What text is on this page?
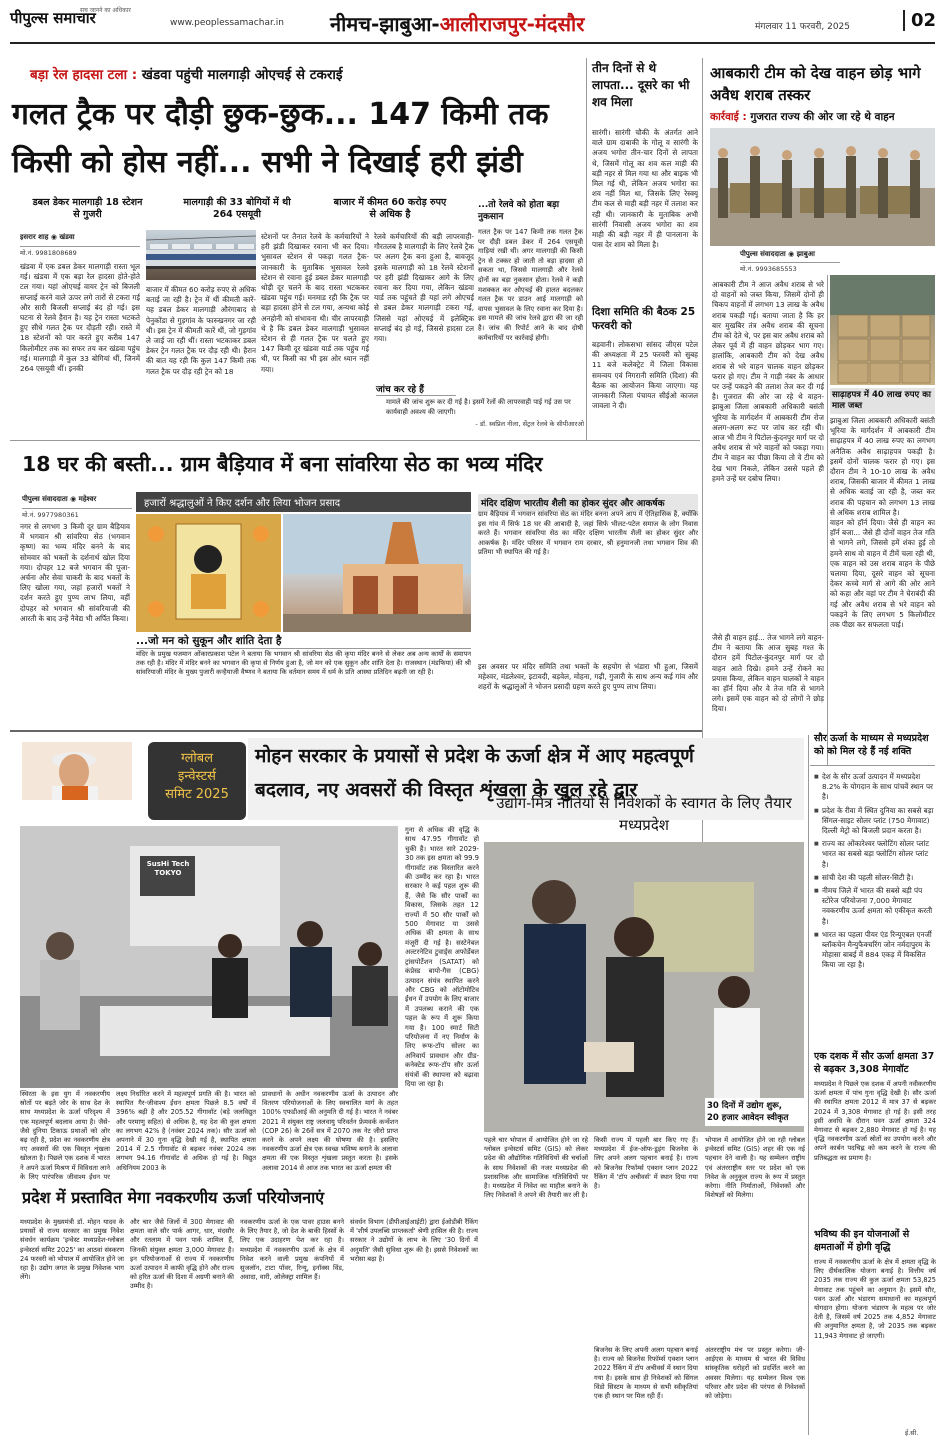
पीपुल्स समाचार
सच जानने का अधिकार
www.peoplessamachar.in नीमच-झाबुआ-आलीराजपुर-मंदसौर	मंगलवार 11 फरवरी, 2025	02
बड़ा रेल हादसा टला : खंडवा पहुंची मालगाड़ी ओएचई से टकराई
गलत ट्रैक पर दौड़ी छुक-छुक... 147 किमी तक
किसी को होस नहीं... सभी ने दिखाई हरी झंडी
डबल डेकर मालगाड़ी 18 स्टेशन से गुजरी
इसरार शाह ◉ खंडवा
मो.नं. 9981808689
मालगाड़ी की 33 बोगियों में थी 264 एसयूवी
बाजार में कीमत 60 करोड़ रुपए से अधिक है
...तो रेलवे को होता बड़ा नुकसान
खंडवा में एक डबल डेकर मालगाड़ी रास्ता भूल गई। खंडवा में एक बड़ा रेल हादसा होते-होते टल गया। यहां ओएचई वायर ट्रेन को बिजली सप्लाई करने वाले ऊपर लगे तारों से टकरा गई और सारी बिजली सप्लाई बंद हो गई। इस घटना से रेलवे हैरान है। यह ट्रेन रास्ता भटकते हुए सीधे गलत ट्रैक पर दौड़ती रही। रास्ते में 18 स्टेशनों को पार करते हुए करीब 147 किलोमीटर तक का सफर तय कर खंडवा पहुंच गई। मालगाड़ी में कुल 33 बोगियां थीं, जिनमें 264 एसयूवी थीं। इनकी
बाजार में कीमत 60 करोड़ रुपए से अधिक बताई जा रही है। ट्रेन में थीं कीमती कारें- यह डबल डेकर मालगाड़ी औरंगाबाद से पेनुकोंडा से गुड़गांव के फारुखनगर जा रही थी। इस ट्रेन में कीमती कारें थीं, जो गुड़गांव ले जाई जा रही थीं। रास्ता भटकाकर डबल डेकर ट्रेन गलत ट्रैक पर दौड़ रही थी। हैरान की बात यह रही कि कुल 147 किमी तक गलत ट्रैक पर दौड़ रही ट्रेन को 18
स्टेशनों पर तैनात रेलवे के कर्मचारियों ने हरी झंडी दिखाकर रवाना भी कर दिया। भुसावल स्टेशन से पकड़ा गलत ट्रैक-जानकारी के मुताबिक भुसावल रेलवे स्टेशन से रवाना हुई डबल डेकर मालगाड़ी थोड़ी दूर चलने के बाद रास्ता भटककर खंडवा पहुंच गई। मनमाड रही कि ट्रैक पर बड़ा हादसा होने से टल गया, अन्यथा कोई अनहोनी को संभावना थी। चीर लापरवाही थे है कि डबल डेकर मालगाड़ी भुसावल स्टेशन से ही गलत ट्रैक पर चलते हुए 147 किमी दूर खंडवा यार्ड तक पहुंच गई थी, पर किसी का भी इस ओर ध्यान नहीं गया।
रेलवे कर्मचारियों की बड़ी लापरवाही-गौरतलब है मालगाड़ी के लिए रेलवे ट्रैक पर अलग ट्रैक बना हुआ है, बावजूद इसके मालगाड़ी को 18 रेलवे स्टेशनों पर हरी झंडी दिखाकर आगे के लिए रवाना कर दिया गया, लेकिन खंडवा यार्ड तक पहुंचते ही यहां लगे ओएचई से डबल डेकर मालगाड़ी टकरा गई, जिससे यहां ओएचई में इलेक्ट्रिक सप्लाई बंद हो गई, जिससे हादसा टल गया।
गलत ट्रैक पर 147 किमी तक गलत ट्रैक पर दौड़ी डबल डेकर में 264 एसयूवी गाड़ियां रखी थीं। अगर मालगाड़ी की किसी ट्रेन से टक्कर हो जाती तो बड़ा हादसा हो सकता था, जिससे मालगाड़ी और रेलवे दोनों का बड़ा नुकसान होता। रेलवे ने कड़ी मशक्कत कर ओएचई की हालत बदलकर गलत ट्रैक पर डाउन आई मालगाड़ी को वापस भुसावल के लिए रवाना कर दिया है। इस मामले की जांच रेलवे द्वारा की जा रही है। जांच की रिपोर्ट आने के बाद दोषी कर्मचारियों पर कार्रवाई होगी।
जांच कर रहे हैं
मामले की जांच शुरू कर दी गई है। इसमें रेलों की लापरवाही पाई गई उस पर कार्यवाही अवश्य की जाएगी।
- डॉ. स्वप्निल नीला, सेंट्रल रेलवे के सीपीआरओ
तीन दिनों से थे लापता... दूसरे का भी शव मिला
सारंगी। सारंगी चौकी के अंतर्गत आने वाले ग्राम दाबाकी के गोलू व सारंगी के अजय भगोरा तीन-चार दिनों से लापता थे, जिसमें गोलू का शव कल माही की बड़ी नहर से मिल गया था और बाइक भी मिल गई थी, लेकिन अजय भगोरा का शव नहीं मिल था, जिसके लिए रेस्क्यू टीम कल से माही बड़ी नहर में तलाश कर रही थी। जानकारी के मुताबिक अभी सारंगी निवासी अजय भगोरा का शव माही की बड़ी नहर में ही पानलाना के पास देर शाम को मिला है।
दिशा समिति की बैठक 25 फरवरी को
बड़वानी। लोकसभा सांसद जीएस पटेल की अध्यक्षता में 25 फरवरी को सुबह 11 बजे कलेक्ट्रेट में जिला विकास समन्वय एवं निगरानी समिति (दिशा) की बैठक का आयोजन किया जाएगा। यह जानकारी जिला पंचायत सीईओ काजल जावला ने दी।
आबकारी टीम को देख वाहन छोड़ भागे अवैध शराब तस्कर
कार्रवाई : गुजरात राज्य की ओर जा रहे थे वाहन
पीपुल्स संवाददाता ◉ झाबुआ
मो.नं. 9993685553
आबकारी टीम ने आज अवैध शराब से भरे दो वाहनों को जब्त किया, जिसमें दोनों ही चिकप वाहनों में लगभग 13 लाख के अवैध शराब पकड़ी गई। बताया जाता है कि हर बार मुखबिर तंत्र अवैध शराब की सूचना टीम को देते थे, पर इस बार अवैध शराब को लेकर पूर्व में ही वाहन छोड़कर भाग गए। हालांकि, आबकारी टीम को देख अवैध शराब से भरे वाहन चालक वाहन छोड़कर फरार हो गए। टीम ने गाड़ी नंबर के आधार पर उन्हें पकड़ने की तलाश तेज कर दी गई है। गुजरात की ओर जा रहे थे वाहन-झाबुआ जिला आबकारी अधिकारी बसंती भूरिया के मार्गदर्शन में आबकारी टीम रोज अलग-अलग रूट पर जांच कर रही थी। आज भी टीम ने पिटोल-कुंदनपुर मार्ग पर दो अवैध शराब से भरे वाहनों को पकड़ा गया। टीम ने वाहन का पीछा किया तो वे टीम को देख भाग निकले, लेकिन उससे पहले ही हमने उन्हें घर दबोच लिया।
जैसे ही वाहन हाई... तेज भागने लगे वाहन-टीम ने बताया कि आज सुबह गश्त के दौरान हमें पिटोल-कुंदनपुर मार्ग पर दो वाहन आते दिखे। हमने उन्हें रोकने का प्रयास किया, लेकिन वाहन चालकों ने वाहन का हॉर्न दिया और वे तेज गति से भागने लगे। इसमें एक वाहन को दो लोगों ने छोड़ दिया।
साढ़ाहपत्र में 40 लाख रुपए का माल जब्त
झाबुआ जिला आबकारी अधिकारी बसंती भूरिया के मार्गदर्शन में आबकारी टीम साढ़ाहपत्र में 40 लाख रुपए का लगभग अनैतिक अवैध साढ़ाहपत्र पकड़ी है। इसमें दोनों चालक फरार हो गए। इस दौरान टीम ने 10-10 लाख के अवैध शराब, जिसकी बाजार में कीमत 1 लाख से अधिक बताई जा रही है, जब्त कर शराब की पहचान को लगभग 13 लाख से अधिक शराब शामिल है।
वाहन को हॉर्न दिया। जैसे ही वाहन का हॉर्न बजा... जैसे ही दोनों वाहन तेज गति से भागने लगे, जिससे हमें शंका हुई तो हमने साथ वो वाहन में टीमें चला रही थी, एक वाहन को उस शराब वाहन के पीछे चलाया दिया, दूसरे वाहन को सूचना देकर कच्चे मार्ग से आगे की ओर आने को कहा और वहां पर टीम ने घेराबंदी की गई और अवैध शराब से भरे वाहन को पकड़ने के लिए लगभग 5 किलोमीटर तक पीछा कर सफलता पाई।
18 घर की बस्ती... ग्राम बैड़ियाव में बना सांवरिया सेठ का भव्य मंदिर
पीपुल्स संवाददाता ◉ महेश्वर
मो.नं. 9977980361
नगर से लगभग 3 किमी दूर ग्राम बैड़ियाव में भगवान श्री सांवरिया सेठ (भगवान कृष्ण) का भव्य मंदिर बनने के बाद सोमवार को भक्तों के दर्शनार्थ खोल दिया गया। दोपहर 12 बजे भगवान की पूजा-अर्चना और सेवा चाकरी के बाद भक्तों के लिए खोला गया, जहां हजारों भक्तों ने दर्शन करते हुए पुण्य लाभ लिया, वहीं दोपहर को भगवान श्री सांवरियाजी की आरती के बाद उन्हें नैवेद्य भी अर्पित किया।
हजारों श्रद्धालुओं ने किए दर्शन और लिया भोजन प्रसाद
...जो मन को सुकून और शांति देता है
मंदिर के प्रमुख यजमान ओंकारप्रकाश पटेल ने बताया कि भगवान श्री सांवरिया सेठ की कृपा मंदिर बनने से लेकर अब अन्य कार्यों के समापन तक रही है। मंदिर में मंदिर बनने का भगवान की कृपा से निर्णय हुआ है, जो मन को एक सुकून और शांति देता है। राजस्थान (मंडफिया) की श्री सांवरियाजी मंदिर के मुख्य पुजारी कन्हैयाजी वैष्णव ने बताया कि वर्तमान समय में धर्म के प्रति आस्था प्रतिदिन बढ़ती जा रही है।
मंदिर दक्षिण भारतीय शैली का होकर सुंदर और आकर्षक
ग्राम बैड़ियाव में भगवान सांवरिया सेठ का मंदिर बनना अपने आप में ऐतिहासिक है, क्योंकि इस गांव में सिर्फ 18 घर की आबादी है, जहां सिर्फ भीलट-पटेल समाज के लोग निवास करते हैं। भगवान सांवरिया सेठ का मंदिर दक्षिण भारतीय शैली का होकर सुंदर और आकर्षक है। मंदिर परिसर में भगवान राम दरबार, श्री हनुमानजी तथा भगवान शिव की प्रतिमा भी स्थापित की गई है।
इस अवसर पर मंदिर समिति तथा भक्तों के सहयोग से भंडारा भी हुआ, जिसमें महेश्वर, मंडलेश्वर, इटावदी, बड़वेल, मोहना, गढ़ी, गुजारी के साथ अन्य कई गांव और शहरों के श्रद्धालुओं ने भोजन प्रसादी ग्रहण करते हुए पुण्य लाभ लिया।
ग्लोबल
इन्वेस्टर्स
समिट 2025
मोहन सरकार के प्रयासों से प्रदेश के ऊर्जा क्षेत्र में आए महत्वपूर्ण
बदलाव, नए अवसरों की विस्तृत शृंखला के खुल रहे द्वार
SusHi Tech TOKYO
गुना से अधिक की वृद्धि के साथ 47.95 गीगावॉट हो चुकी है। भारत सारे 2029-30 तक इस क्षमता को 99.9 गीगावॉट तक विस्तारित करने की उम्मीद कर रहा है। भारत सरकार ने कई पहल शुरू की हैं, जैसे कि सौर पार्कों का विकास, जिसके तहत 12 राज्यों में 50 सौर पार्कों को 500 मेगावाट या उससे अधिक की क्षमता के साथ मंजूरी दी गई है। सस्टेनेबल अल्टरनेटिव टुवार्ड्स अफोर्डेबल ट्रांसपोर्टेशन (SATAT) को कंप्रेस्ड बायो-गैस (CBG) उत्पादन संयंत्र स्थापित करने और CBG को ऑटोमोटिव ईंधन में उपयोग के लिए बाजार में उपलब्ध कराने की एक पहल के रूप में शुरू किया गया है। 100 स्मार्ट सिटी परियोजना में नए निर्माण के लिए रूफ-टॉप सोलर का अनिवार्य प्रावधान और ग्रीड-कनेक्टेड रूफ-टॉप सौर ऊर्जा संयंत्रों की स्थापना को बढ़ावा दिया जा रहा है।
उद्योग-मित्र नीतियों से निवेशकों के स्वागत के लिए तैयार मध्यप्रदेश
30 दिनों में उद्योग शुरू,
20 हजार आवेदन स्वीकृत
स्थिरता के इस युग में नवकरणीय स्रोतों पर बढ़ते जोर के साथ देश के साथ मध्यप्रदेश के ऊर्जा परिदृश्य में एक महत्वपूर्ण बदलाव आया है। जैसे-जैसे दुनिया टिकाऊ प्रथाओं को ओर बढ़ रही है, प्रदेश का नवकरणीय क्षेत्र नए अवसरों की एक विस्तृत शृंखला खोलता है। पिछले एक दशक में भारत ने अपने ऊर्जा मिश्रण में विविधता लाने के लिए पारंपरिक जीवाश्म ईंधन पर
लक्ष्य निर्धारित करने में महत्वपूर्ण प्रगति की है। भारत को स्थापित गैर-जीवाश्म ईंधन क्षमता पिछले 8.5 वर्षों में 396% बढ़ी है और 205.52 गीगावॉट (बड़े जलविद्युत और परमाणु सहित) से अधिक है, यह देश की कुल क्षमता का लगभग 42% है (नवंबर 2024 तक)। सौर ऊर्जा को अपनाने में 30 गुना वृद्धि देखी गई है, स्थापित क्षमता 2014 में 2.5 गीगावॉट से बढ़कर नवंबर 2024 तक लगभग 94.16 गीगावॉट से अधिक हो गई है। विद्युत अधिनियम 2003 के
प्रावधानों के अधीन नवकरणीय ऊर्जा के उत्पादन और वितरण परियोजनाओं के लिए स्वचालित मार्ग के तहत 100% एफडीआई की अनुमति दी गई है। भारत ने नवंबर 2021 में संयुक्त राष्ट्र जलवायु परिवर्तन फ्रेमवर्क कन्वेंशन (COP 26) के 26वें सत्र में 2070 तक नेट जीरो प्राप्त करने के अपने लक्ष्य की घोषणा की है। इसलिए नवकरणीय ऊर्जा क्षेत्र एक स्वच्छ भविष्य बनाने के अलावा क्षमता की एक विस्तृत शृंखला प्रस्तुत करता है। इसके अलावा 2014 से आज तक भारत का ऊर्जा क्षमता की
पहले चार भोपाल में आयोजित होने जा रहे ग्लोबल इन्वेस्टर्स समिट (GIS) को लेकर प्रदेश की औद्योगिक गतिविधियों की चर्चाओं के साथ निवेशकों की नजर मध्यप्रदेश की प्रशासनिक और सामाजिक गतिविधियों पर है। मध्यप्रदेश में निवेश का माहौल बनाने के लिए निवेशकों ने अपने की तैयारी कर ली है।
किसी राज्य में पहली बार किए गए हैं। मध्यप्रदेश में ईज-ऑफ-डूइंग बिजनेस के लिए अपने अलग पहचान बनाई है। राज्य को बिजनेस रिफॉर्म्स एक्शन प्लान 2022 रैंकिंग में 'टॉप अचीवर्स' में स्थान दिया गया है।
भोपाल में आयोजित होने जा रही ग्लोबल इन्वेस्टर्स समिट (GIS) शहर की एक नई पहचान देने वाली है। यह सम्मेलन राष्ट्रीय एवं अंतरराष्ट्रीय स्तर पर प्रदेश को एक निवेश के अनुकूल राज्य के रूप में प्रस्तुत करेगा। नीति निर्माताओं, निवेशकों और विशेषज्ञों को मिलेगा।
प्रदेश में प्रस्तावित मेगा नवकरणीय ऊर्जा परियोजनाएं
मध्यप्रदेश के मुख्यमंत्री डॉ. मोहन यादव के प्रयासों से राज्य सरकार का प्रमुख निवेश संवर्धन कार्यक्रम 'इन्वेस्ट मध्यप्रदेश-ग्लोबल इन्वेस्टर्स समिट 2025' का आठवां संस्करण 24 फरवरी को भोपाल में आयोजित होने जा रहा है। उद्योग जगत के प्रमुख निवेशक भाग लेंगे।
और चार जैसे जिलों में 300 मेगावाट की क्षमता वाले सौर पार्क आगर, धार, मंदसौर और रतलाम में पवन पार्क शामिल हैं, जिनकी संयुक्त क्षमता 3,000 मेगावाट है। इन परियोजनाओं से राज्य में नवकरणीय ऊर्जा उत्पादन में काफी वृद्धि होने और राज्य को हरित ऊर्जा की दिशा में अग्रणी बनाने की उम्मीद है।
नवकरणीय ऊर्जा के एक पावर हाउस बनने के लिए तैयार है, जो देश के बाकी हिस्सों के लिए एक उदाहरण पेश कर रहा है। मध्यप्रदेश में नवकरणीय ऊर्जा के क्षेत्र में निवेश करने वाली प्रमुख कंपनियों में सुजलॉन, टाटा पॉवर, रिन्यू, इनॉक्स विंड, अवादा, वारी, ओलेक्ट्रा शामिल हैं।
संवर्धन विभाग (डीपीआईआईटी) द्वारा ईओडीबी रैंकिंग में 'शीर्ष उपलब्धि प्राप्तकर्ता' श्रेणी हासिल की है। राज्य सरकार ने उद्योगों के लाभ के लिए '30 दिनों में अनुमति' जैसी सुविधा शुरू की है। इससे निवेशकों का भरोसा बढ़ा है।
बिजनेस के लिए अपनी अलग पहचान बनाई है। राज्य को बिजनेस रिफॉर्म्स एक्शन प्लान 2022 रैंकिंग में टॉप अचीवर्स में स्थान दिया गया है। इसके साथ ही निवेशकों को सिंगल विंडो सिस्टम के माध्यम से सभी स्वीकृतियां एक ही स्थान पर मिल रही हैं।
अंतरराष्ट्रीय मंच पर प्रस्तुत करेगा। जी-आईएस के माध्यम से भारत की विविध सांस्कृतिक धरोहरों को प्रदर्शित करने का अवसर मिलेगा। यह सम्मेलन विश्व एक परिवार और प्रदेश की परंपरा से निवेशकों को जोड़ेगा।
सौर ऊर्जा के माध्यम से मध्यप्रदेश को को मिल रहे हैं नई शक्ति
■ देश के सौर ऊर्जा उत्पादन में मध्यप्रदेश 8.2% के योगदान के साथ पांचवें स्थान पर है।
■ प्रदेश के रीवा में स्थित दुनिया का सबसे बड़ा सिंगल-साइट सोलर प्लांट (750 मेगावाट) दिल्ली मेट्रो को बिजली प्रदान करता है।
■ राज्य का ओंकारेश्वर फ्लोटिंग सोलर प्लांट भारत का सबसे बड़ा फ्लोटिंग सोलर प्लांट है।
■ सांची देश की पहली सोलर-सिटी है।
■ नीमच जिले में भारत की सबसे बड़ी पंप स्टोरेज परियोजना 7,000 मेगावाट नवकरणीय ऊर्जा क्षमता को एकीकृत करती है।
■ भारत का पहला पीयर एंड रिन्यूएबल एनर्जी ब्लॉकचेन मैन्युफैक्चरिंग जोन नर्मदापुरम के मोहासा बाबई में 884 एकड़ में विकसित किया जा रहा है।
एक दशक में सौर ऊर्जा क्षमता 37 से बढ़कर 3,308 मेगावॉट
मध्यप्रदेश ने पिछले एक दशक में अपनी नवीकरणीय ऊर्जा क्षमता में पांच गुना वृद्धि देखी है। सौर ऊर्जा की स्थापित क्षमता 2012 में मात्र 37 से बढ़कर 2024 में 3,308 मेगावाट हो गई है। इसी तरह इसी अवधि के दौरान पवन ऊर्जा क्षमता 324 मेगावाट से बढ़कर 2,880 मेगावाट हो गई है। यह वृद्धि नवकरणीय ऊर्जा स्रोतों का उपयोग करने और अपने कार्बन पदचिह्न को कम करने के राज्य की प्रतिबद्धता का प्रमाण है।
भविष्य की इन योजनाओं से क्षमताओं में होगी वृद्धि
राज्य में नवकरणीय ऊर्जा के क्षेत्र में क्षमता वृद्धि के लिए दीर्घकालिक योजना बनाई है। वित्तीय वर्ष 2035 तक राज्य की कुल ऊर्जा क्षमता 53,825 मेगावाट तक पहुंचने का अनुमान है। इसमें सौर, पवन ऊर्जा और भंडारण समाधानों का महत्वपूर्ण योगदान होगा। योजना भंडारण के महत्व पर जोर देती है, जिसमें वर्ष 2025 तक 4,852 मेगावाट की अनुमानित क्षमता है, जो 2035 तक बढ़कर 11,943 मेगावाट हो जाएगी।
ई.सी.
